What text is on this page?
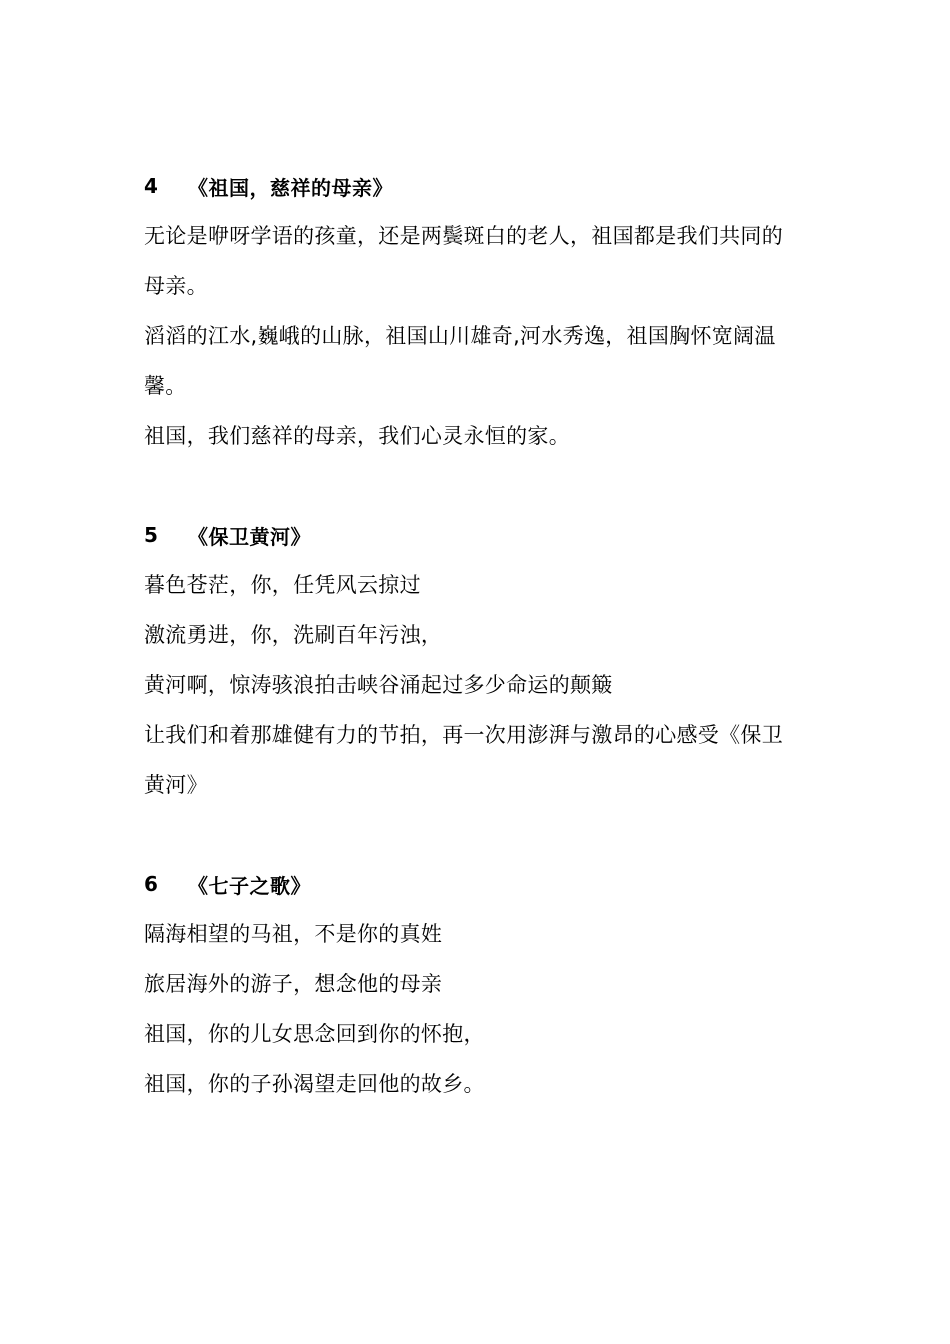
4	《祖国，慈祥的母亲》
无论是咿呀学语的孩童，还是两鬓斑白的老人，祖国都是我们共同的
母亲。
滔滔的江水,巍峨的山脉，祖国山川雄奇,河水秀逸，祖国胸怀宽阔温
馨。
祖国，我们慈祥的母亲，我们心灵永恒的家。
5	《保卫黄河》
暮色苍茫，你，任凭风云掠过
激流勇进，你，洗刷百年污浊，
黄河啊，惊涛骇浪拍击峡谷涌起过多少命运的颠簸
让我们和着那雄健有力的节拍，再一次用澎湃与激昂的心感受《保卫
黄河》
6	《七子之歌》
隔海相望的马祖，不是你的真姓
旅居海外的游子，想念他的母亲
祖国，你的儿女思念回到你的怀抱，
祖国，你的子孙渴望走回他的故乡。
